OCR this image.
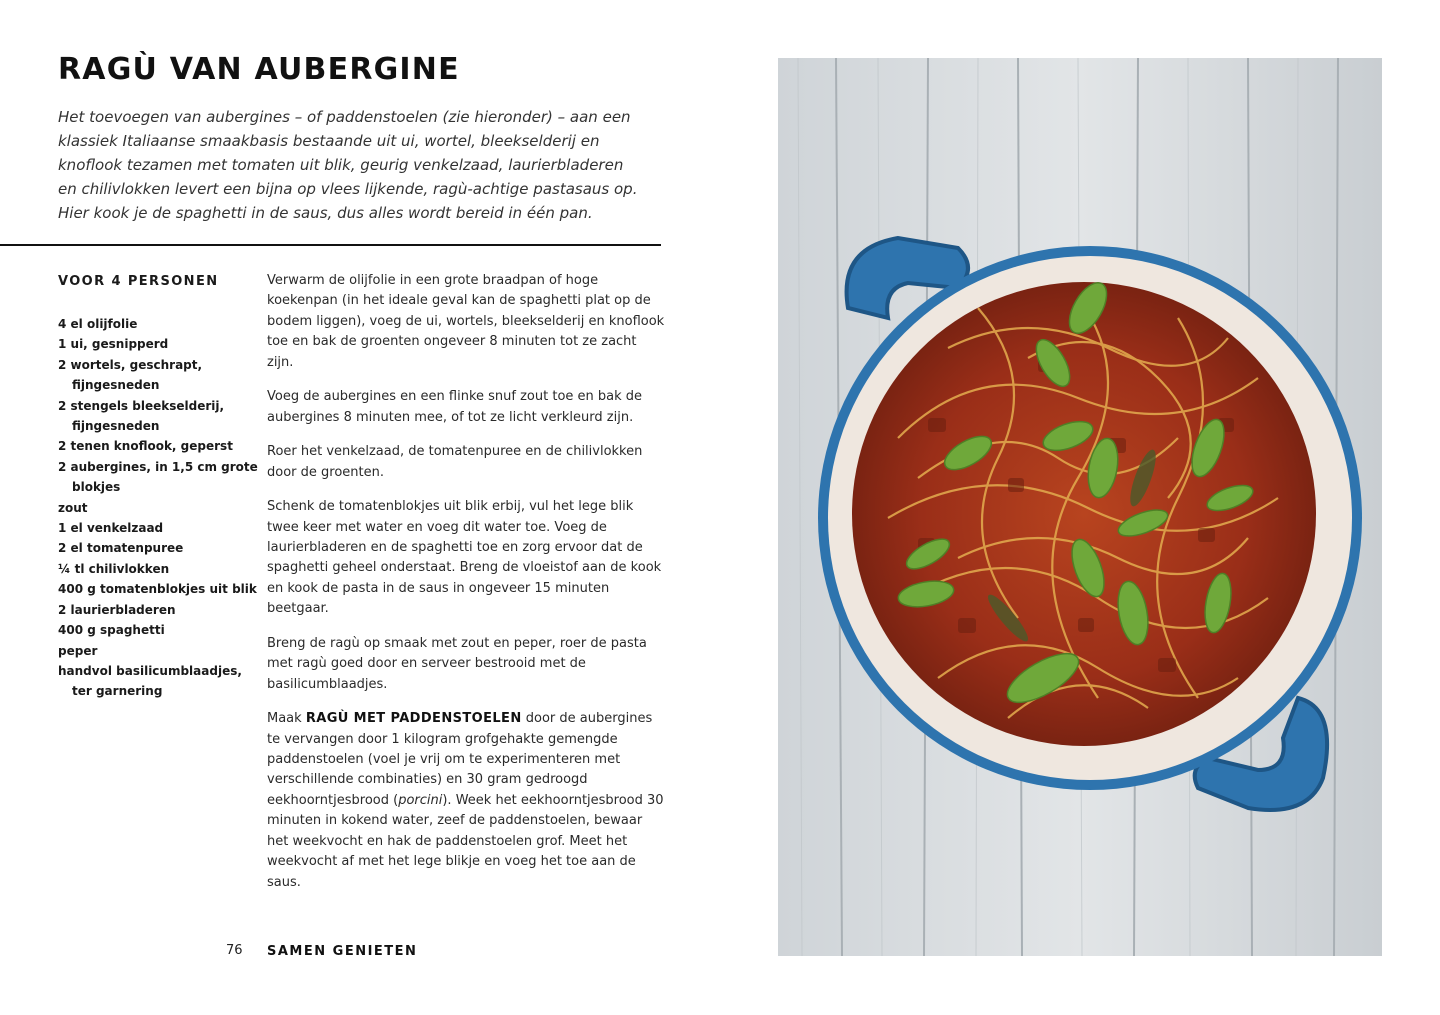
RAGÙ VAN AUBERGINE

Het toevoegen van aubergines – of paddenstoelen (zie hieronder) – aan een klassiek Italiaanse smaakbasis bestaande uit ui, wortel, bleekselderij en knoflook tezamen met tomaten uit blik, geurig venkelzaad, laurierbladeren en chilivlokken levert een bijna op vlees lijkende, ragù-achtige pastasaus op. Hier kook je de spaghetti in de saus, dus alles wordt bereid in één pan.

VOOR 4 PERSONEN
4 el olijfolie
1 ui, gesnipperd
2 wortels, geschrapt, fijngesneden
2 stengels bleekselderij, fijngesneden
2 tenen knoflook, geperst
2 aubergines, in 1,5 cm grote blokjes
zout
1 el venkelzaad
2 el tomatenpuree
¼ tl chilivlokken
400 g tomatenblokjes uit blik
2 laurierbladeren
400 g spaghetti
peper
handvol basilicumblaadjes, ter garnering

Verwarm de olijfolie in een grote braadpan of hoge koekenpan (in het ideale geval kan de spaghetti plat op de bodem liggen), voeg de ui, wortels, bleekselderij en knoflook toe en bak de groenten ongeveer 8 minuten tot ze zacht zijn.

Voeg de aubergines en een flinke snuf zout toe en bak de aubergines 8 minuten mee, of tot ze licht verkleurd zijn.

Roer het venkelzaad, de tomatenpuree en de chilivlokken door de groenten.

Schenk de tomatenblokjes uit blik erbij, vul het lege blik twee keer met water en voeg dit water toe. Voeg de laurierbladeren en de spaghetti toe en zorg ervoor dat de spaghetti geheel onderstaat. Breng de vloeistof aan de kook en kook de pasta in de saus in ongeveer 15 minuten beetgaar.

Breng de ragù op smaak met zout en peper, roer de pasta met ragù goed door en serveer bestrooid met de basilicumblaadjes.

Maak RAGÙ MET PADDENSTOELEN door de aubergines te vervangen door 1 kilogram grofgehakte gemengde paddenstoelen (voel je vrij om te experimenteren met verschillende combinaties) en 30 gram gedroogd eekhoorntjesbrood (porcini). Week het eekhoorntjesbrood 30 minuten in kokend water, zeef de paddenstoelen, bewaar het weekvocht en hak de paddenstoelen grof. Meet het weekvocht af met het lege blikje en voeg het toe aan de saus.

76 SAMEN GENIETEN
